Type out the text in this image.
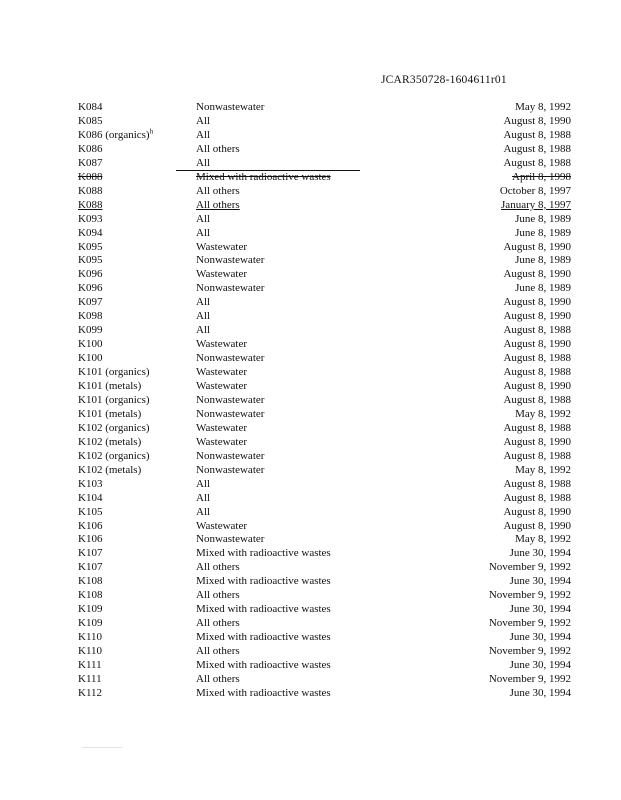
JCAR350728-1604611r01
K084	Nonwastewater	May 8, 1992
K085	All	August 8, 1990
K086 (organics)$^h$	All	August 8, 1988
K086	All others	August 8, 1988
K087	All	August 8, 1988
K088	Mixed with radioactive wastes	April 8, 1998
K088	All others	October 8, 1997
K088	All others	January 8, 1997
K093	All	June 8, 1989
K094	All	June 8, 1989
K095	Wastewater	August 8, 1990
K095	Nonwastewater	June 8, 1989
K096	Wastewater	August 8, 1990
K096	Nonwastewater	June 8, 1989
K097	All	August 8, 1990
K098	All	August 8, 1990
K099	All	August 8, 1988
K100	Wastewater	August 8, 1990
K100	Nonwastewater	August 8, 1988
K101 (organics)	Wastewater	August 8, 1988
K101 (metals)	Wastewater	August 8, 1990
K101 (organics)	Nonwastewater	August 8, 1988
K101 (metals)	Nonwastewater	May 8, 1992
K102 (organics)	Wastewater	August 8, 1988
K102 (metals)	Wastewater	August 8, 1990
K102 (organics)	Nonwastewater	August 8, 1988
K102 (metals)	Nonwastewater	May 8, 1992
K103	All	August 8, 1988
K104	All	August 8, 1988
K105	All	August 8, 1990
K106	Wastewater	August 8, 1990
K106	Nonwastewater	May 8, 1992
K107	Mixed with radioactive wastes	June 30, 1994
K107	All others	November 9, 1992
K108	Mixed with radioactive wastes	June 30, 1994
K108	All others	November 9, 1992
K109	Mixed with radioactive wastes	June 30, 1994
K109	All others	November 9, 1992
K110	Mixed with radioactive wastes	June 30, 1994
K110	All others	November 9, 1992
K111	Mixed with radioactive wastes	June 30, 1994
K111	All others	November 9, 1992
K112	Mixed with radioactive wastes	June 30, 1994
